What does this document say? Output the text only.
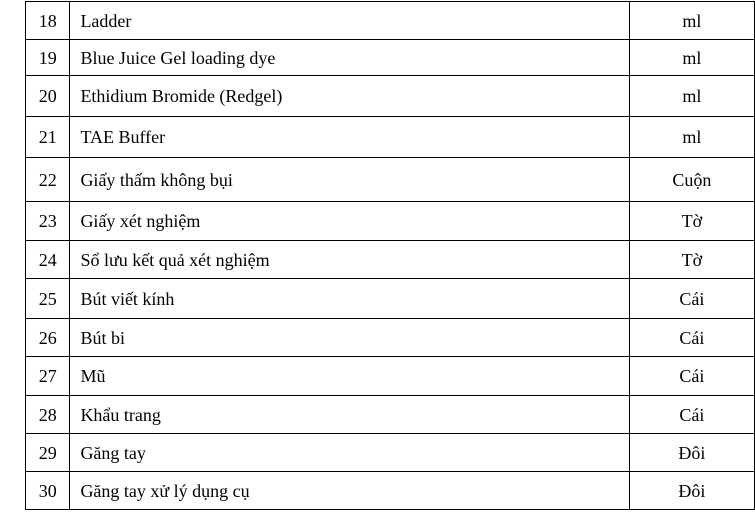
18	Ladder	ml
19	Blue Juice Gel loading dye	ml
20	Ethidium Bromide (Redgel)	ml
21	TAE Buffer	ml
22	Giấy thấm không bụi	Cuộn
23	Giấy xét nghiệm	Tờ
24	Sổ lưu kết quả xét nghiệm	Tờ
25	Bút viết kính	Cái
26	Bút bi	Cái
27	Mũ	Cái
28	Khẩu trang	Cái
29	Găng tay	Đôi
30	Găng tay xử lý dụng cụ	Đôi
